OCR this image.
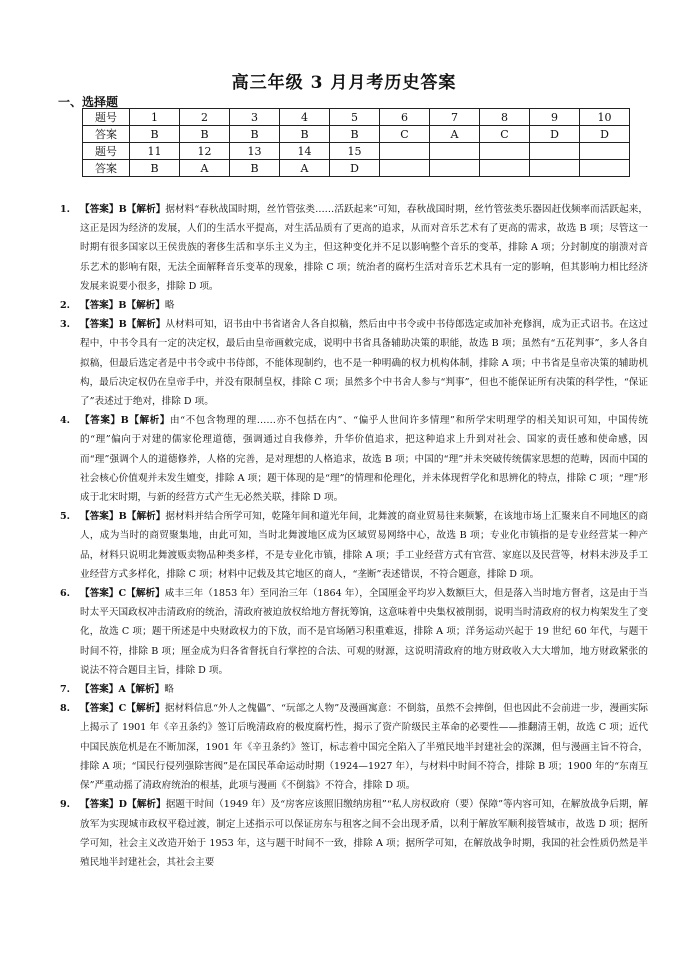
高三年级 3 月月考历史答案
一、选择题
题号	1	2	3	4	5	6	7	8	9	10
答案	B	B	B	B	B	C	A	C	D	D
题号	11	12	13	14	15					
答案	B	A	B	A	D					
1. 【答案】B【解析】据材料“春秋战国时期，丝竹管弦类……活跃起来”可知，春秋战国时期，丝竹管弦类乐器因赶伐频率而活跃起来，这正是因为经济的发展，人们的生活水平提高，对生活品质有了更高的追求，从而对音乐艺术有了更高的需求，故选 B 项；尽管这一时期有很多国家以王侯贵族的奢侈生活和享乐主义为主，但这种变化并不足以影响整个音乐的变革，排除 A 项；分封制度的崩溃对音乐艺术的影响有限，无法全面解释音乐变革的现象，排除 C 项；统治者的腐朽生活对音乐艺术具有一定的影响，但其影响力相比经济发展来说要小很多，排除 D 项。
2. 【答案】B【解析】略
3. 【答案】B【解析】从材料可知，诏书由中书省诸舍人各自拟稿，然后由中书令或中书侍郎选定或加补充修润，成为正式诏书。在这过程中，中书令具有一定的决定权，最后由皇帝画敕完成，说明中书省具备辅助决策的职能，故选 B 项；虽然有“五花判事”，多人各自拟稿，但最后选定者是中书令或中书侍郎，不能体现制约，也不是一种明确的权力机构体制，排除 A 项；中书省是皇帝决策的辅助机构，最后决定权仍在皇帝手中，并没有限制皇权，排除 C 项；虽然多个中书舍人参与“判事”，但也不能保证所有决策的科学性，“保证了”表述过于绝对，排除 D 项。
4. 【答案】B【解析】由“不包含物理的理……亦不包括在内”、“偏乎人世间许多情理”和所学宋明理学的相关知识可知，中国传统的“理”偏向于对建的儒家伦理道德，强调通过自我修养，升华价值追求，把这种追求上升到对社会、国家的责任感和使命感，因而“理”强调个人的道德修养，人格的完善，是对理想的人格追求，故选 B 项；中国的“理”并未突破传统儒家思想的范畴，因而中国的社会核心价值观并未发生嬗变，排除 A 项；题干体现的是“理”的情理和伦理化，并未体现哲学化和思辨化的特点，排除 C 项；“理”形成于北宋时期，与新的经营方式产生无必然关联，排除 D 项。
5. 【答案】B【解析】据材料并结合所学可知，乾隆年间和道光年间，北舞渡的商业贸易往来频繁，在该地市场上汇聚来自不同地区的商人，成为当时的商贸聚集地，由此可知，当时北舞渡地区成为区域贸易网络中心，故选 B 项；专业化市镇指的是专业经营某一种产品，材料只说明北舞渡贩卖物品种类多样，不是专业化市镇，排除 A 项；手工业经营方式有官营、家庭以及民营等，材料未涉及手工业经营方式多样化，排除 C 项；材料中记载及其它地区的商人，“垄断”表述错误，不符合题意，排除 D 项。
6. 【答案】C【解析】咸丰三年（1853 年）至同治三年（1864 年），全国厘金平均岁入数额巨大，但是落入当时地方督者，这是由于当时太平天国政权冲击清政府的统治，清政府被迫放权给地方督抚筹饷，这意味着中央集权被削弱，说明当时清政府的权力构架发生了变化，故选 C 项；题干所述是中央财政权力的下放，而不是官场陋习积重难返，排除 A 项；洋务运动兴起于 19 世纪 60 年代，与题干时间不符，排除 B 项；厘金成为归各省督抚自行掌控的合法、可观的财源，这说明清政府的地方财政收入大大增加，地方财政紧张的说法不符合题目主旨，排除 D 项。
7. 【答案】A【解析】略
8. 【答案】C【解析】据材料信息“外人之傀儡”、“玩部之人物”及漫画寓意：不倒翁，虽然不会摔倒，但也因此不会前进一步，漫画实际上揭示了 1901 年《辛丑条约》签订后晚清政府的极度腐朽性，揭示了资产阶级民主革命的必要性——推翻清王朝，故选 C 项；近代中国民族危机是在不断加深，1901 年《辛丑条约》签订，标志着中国完全陷入了半殖民地半封建社会的深渊，但与漫画主旨不符合，排除 A 项；“国民行侵列强除害阀”是在国民革命运动时期（1924—1927 年），与材料中时间不符合，排除 B 项；1900 年的“东南互保”严重动摇了清政府统治的根基，此项与漫画《不倒翁》不符合，排除 D 项。
9. 【答案】D【解析】据题干时间（1949 年）及“房客应该照旧缴纳房租”“私人房权政府（要）保障”等内容可知，在解放战争后期，解放军为实现城市政权平稳过渡，制定上述指示可以保证房东与租客之间不会出现矛盾，以利于解放军顺利接管城市，故选 D 项；据所学可知，社会主义改造开始于 1953 年，这与题干时间不一致，排除 A 项；据所学可知，在解放战争时期，我国的社会性质仍然是半殖民地半封建社会，其社会主要
